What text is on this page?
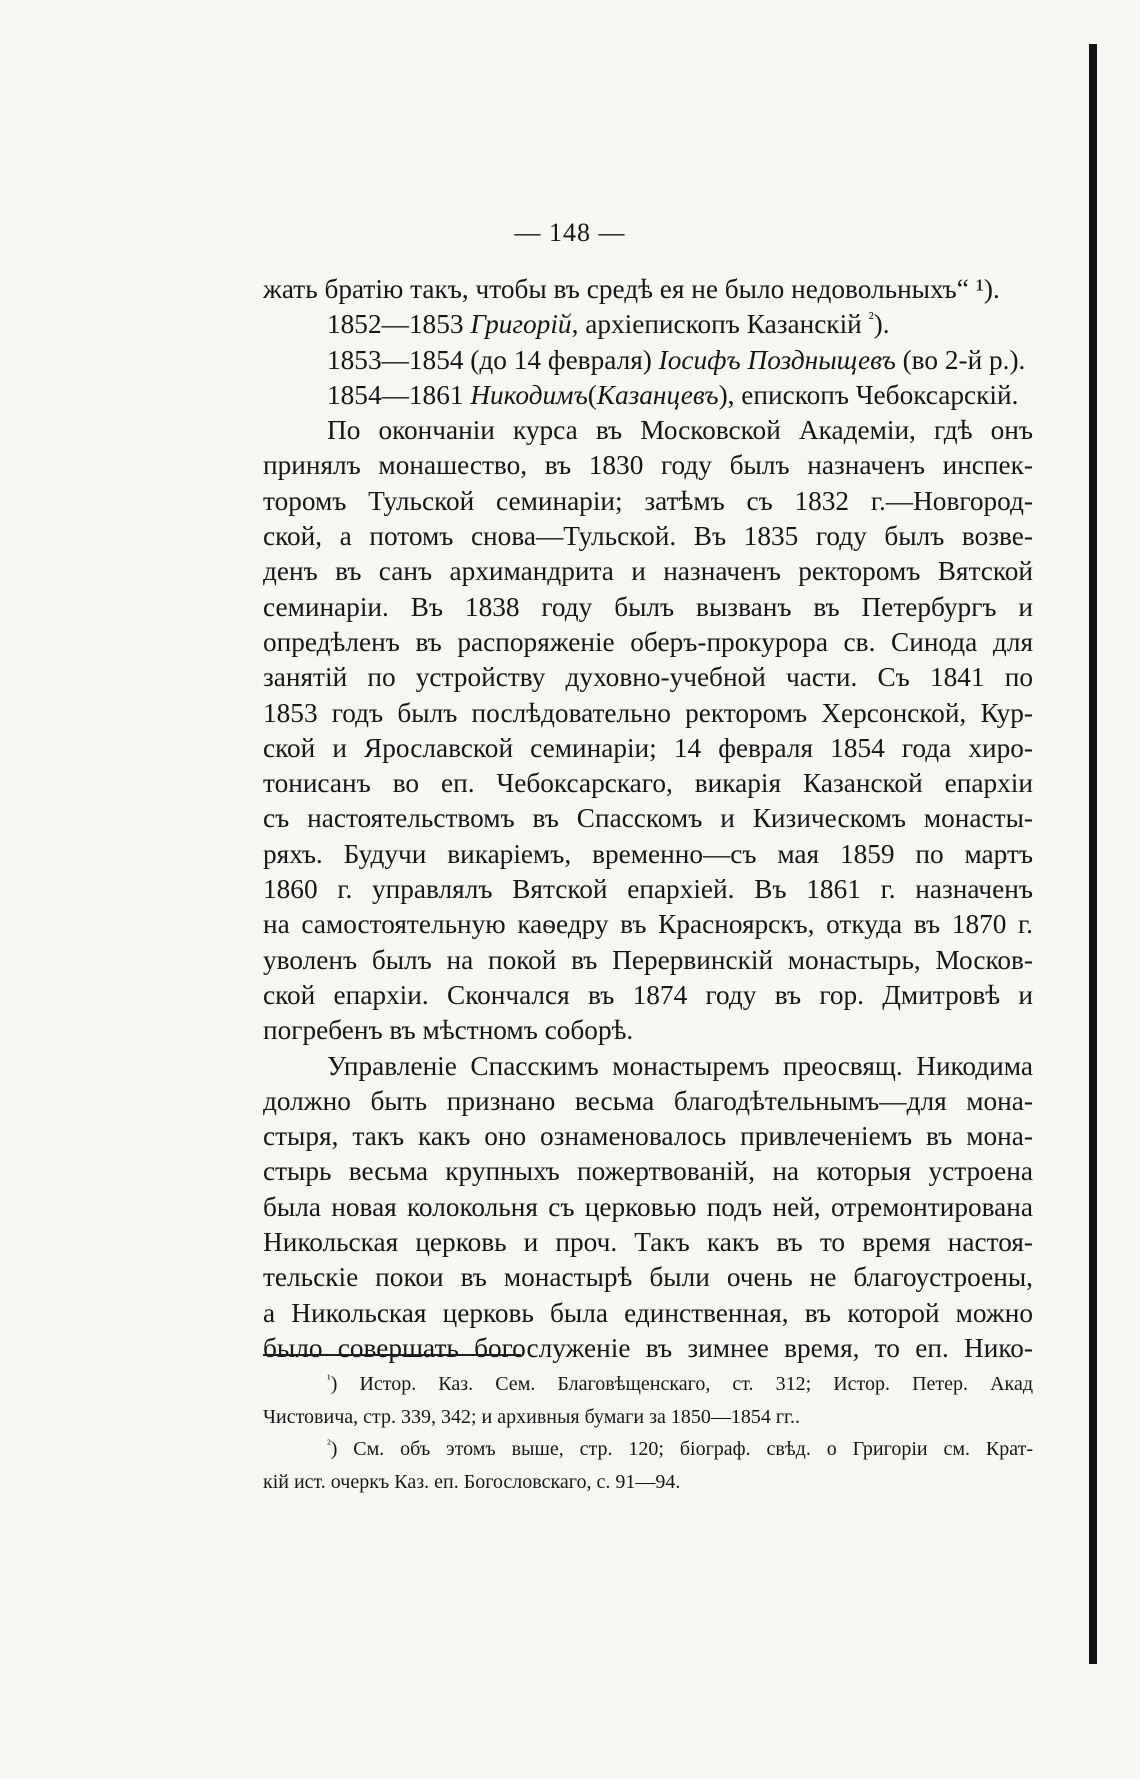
— 148 —
жать братію такъ, чтобы въ средѣ ея не было недовольныхъ“ ¹).
1852—1853 Григорій, архіепископъ Казанскій $^{^2}$).
1853—1854 (до 14 февраля) Іосифъ Поздныщевъ (во 2-й р.).
1854—1861 Никодимъ(Казанцевъ), епископъ Чебоксарскій.
По окончаніи курса въ Московской Академіи, гдѣ онъ
принялъ монашество, въ 1830 году былъ назначенъ инспек-
торомъ Тульской семинаріи; затѣмъ съ 1832 г.—Новгород-
ской, а потомъ снова—Тульской. Въ 1835 году былъ возве-
денъ въ санъ архимандрита и назначенъ ректоромъ Вятской
семинаріи. Въ 1838 году былъ вызванъ въ Петербургъ и
опредѣленъ въ распоряженіе оберъ-прокурора св. Синода для
занятій по устройству духовно-учебной части. Съ 1841 по
1853 годъ былъ послѣдовательно ректоромъ Херсонской, Кур-
ской и Ярославской семинаріи; 14 февраля 1854 года хиро-
тонисанъ во еп. Чебоксарскаго, викарія Казанской епархіи
съ настоятельствомъ въ Спасскомъ и Кизическомъ монасты-
ряхъ. Будучи викаріемъ, временно—съ мая 1859 по мартъ
1860 г. управлялъ Вятской епархіей. Въ 1861 г. назначенъ
на самостоятельную каѳедру въ Красноярскъ, откуда въ 1870 г.
уволенъ былъ на покой въ Перервинскій монастырь, Москов-
ской епархіи. Скончался въ 1874 году въ гор. Дмитровѣ и
погребенъ въ мѣстномъ соборѣ.
Управленіе Спасскимъ монастыремъ преосвящ. Никодима
должно быть признано весьма благодѣтельнымъ—для мона-
стыря, такъ какъ оно ознаменовалось привлеченіемъ въ мона-
стырь весьма крупныхъ пожертвованій, на которыя устроена
была новая колокольня съ церковью подъ ней, отремонтирована
Никольская церковь и проч. Такъ какъ въ то время настоя-
тельскіе покои въ монастырѣ были очень не благоустроены,
а Никольская церковь была единственная, въ которой можно
было совершать богослуженіе въ зимнее время, то еп. Нико-
$^{^1}$) Истор. Каз. Сем. Благовѣщенскаго, ст. 312; Истор. Петер. Акад
Чистовича, стр. 339, 342; и архивныя бумаги за 1850—1854 гг..
$^{^2}$) См. объ этомъ выше, стр. 120; біограф. свѣд. о Григоріи см. Крат-
кій ист. очеркъ Каз. еп. Богословскаго, с. 91—94.
